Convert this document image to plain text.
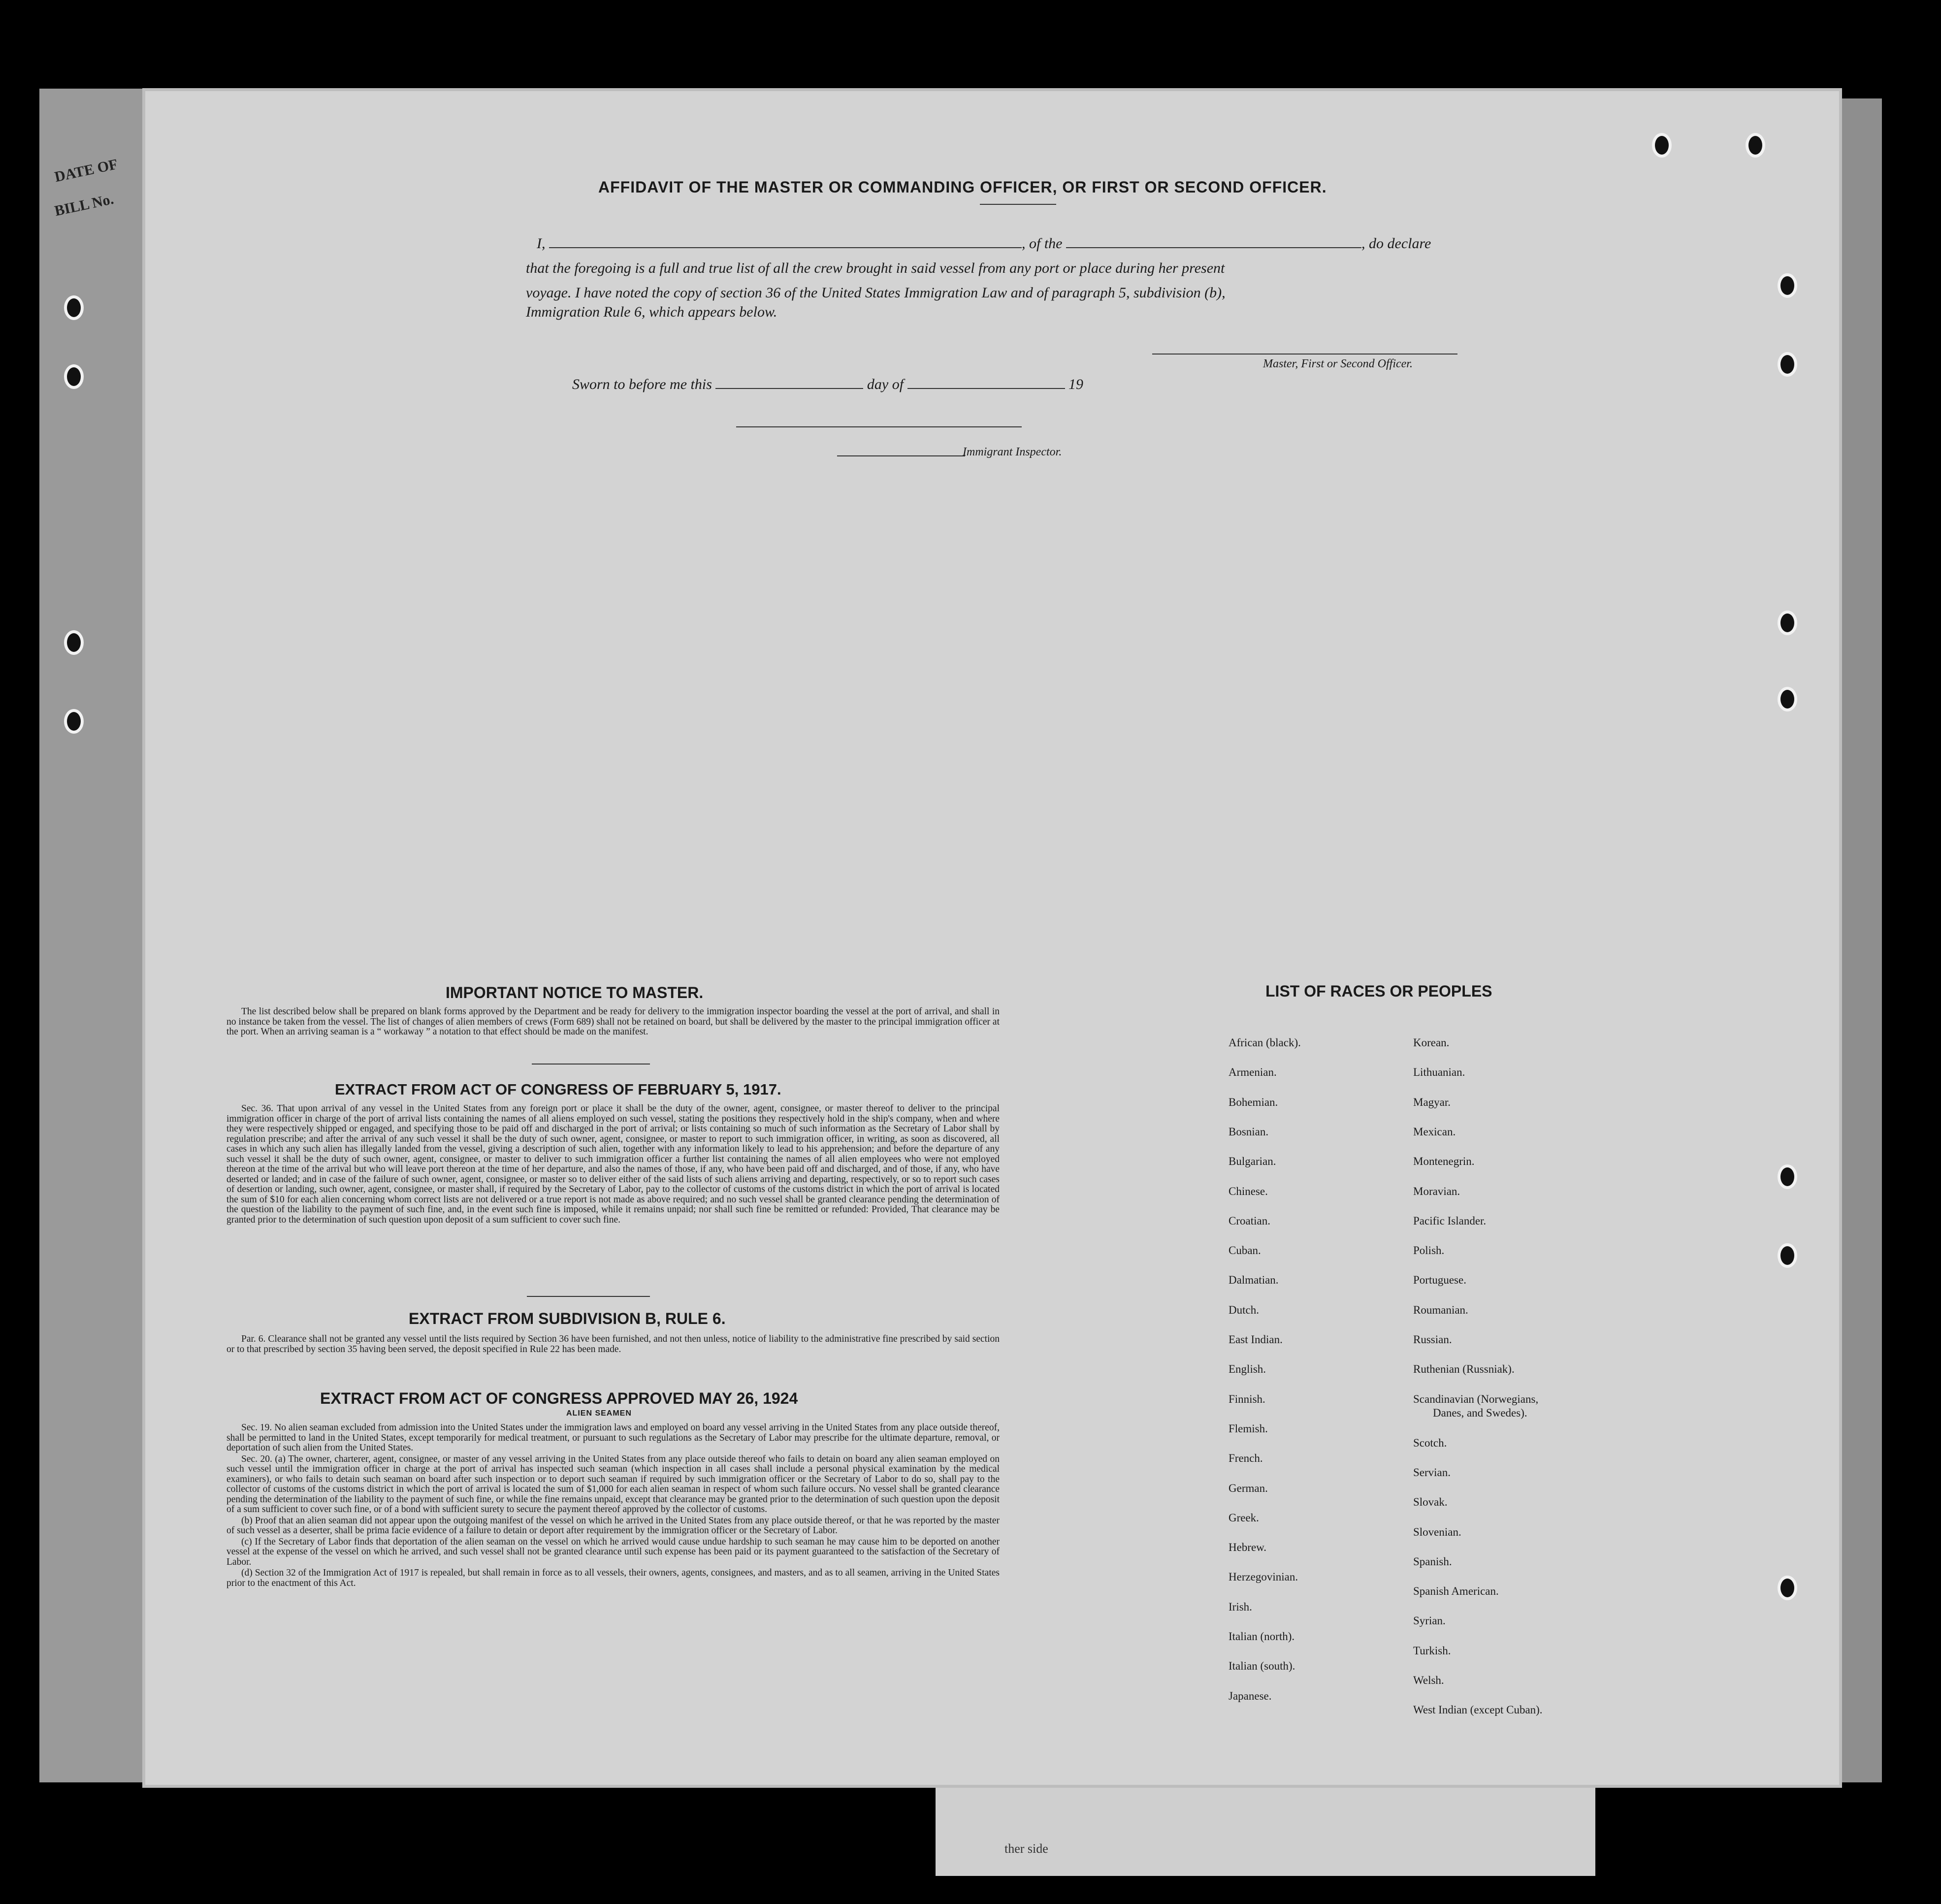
ther side
DATE OF
BILL No.
AFFIDAVIT OF THE MASTER OR COMMANDING OFFICER, OR FIRST OR SECOND OFFICER.
I,	, of the	, do declare
that the foregoing is a full and true list of all the crew brought in said vessel from any port or place during her present
voyage. I have noted the copy of section 36 of the United States Immigration Law and of paragraph 5, subdivision (b),
Immigration Rule 6, which appears below.
Master, First or Second Officer.
Sworn to before me this	day of	19
Immigrant Inspector.
IMPORTANT NOTICE TO MASTER.

The list described below shall be prepared on blank forms approved by the Department and be ready for delivery to the immigration inspector boarding the vessel at the port of arrival, and shall in no instance be taken from the vessel. The list of changes of alien members of crews (Form 689) shall not be retained on board, but shall be delivered by the master to the principal immigration officer at the port. When an arriving seaman is a “ workaway ” a notation to that effect should be made on the manifest.

EXTRACT FROM ACT OF CONGRESS OF FEBRUARY 5, 1917.

Sec. 36. That upon arrival of any vessel in the United States from any foreign port or place it shall be the duty of the owner, agent, consignee, or master thereof to deliver to the principal immigration officer in charge of the port of arrival lists containing the names of all aliens employed on such vessel, stating the positions they respectively hold in the ship's company, when and where they were respectively shipped or engaged, and specifying those to be paid off and discharged in the port of arrival; or lists containing so much of such information as the Secretary of Labor shall by regulation prescribe; and after the arrival of any such vessel it shall be the duty of such owner, agent, consignee, or master to report to such immigration officer, in writing, as soon as discovered, all cases in which any such alien has illegally landed from the vessel, giving a description of such alien, together with any information likely to lead to his apprehension; and before the departure of any such vessel it shall be the duty of such owner, agent, consignee, or master to deliver to such immigration officer a further list containing the names of all alien employees who were not employed thereon at the time of the arrival but who will leave port thereon at the time of her departure, and also the names of those, if any, who have been paid off and discharged, and of those, if any, who have deserted or landed; and in case of the failure of such owner, agent, consignee, or master so to deliver either of the said lists of such aliens arriving and departing, respectively, or so to report such cases of desertion or landing, such owner, agent, consignee, or master shall, if required by the Secretary of Labor, pay to the collector of customs of the customs district in which the port of arrival is located the sum of $10 for each alien concerning whom correct lists are not delivered or a true report is not made as above required; and no such vessel shall be granted clearance pending the determination of the question of the liability to the payment of such fine, and, in the event such fine is imposed, while it remains unpaid; nor shall such fine be remitted or refunded: Provided, That clearance may be granted prior to the determination of such question upon deposit of a sum sufficient to cover such fine.

EXTRACT FROM SUBDIVISION B, RULE 6.

Par. 6. Clearance shall not be granted any vessel until the lists required by Section 36 have been furnished, and not then unless, notice of liability to the administrative fine prescribed by said section or to that prescribed by section 35 having been served, the deposit specified in Rule 22 has been made.

EXTRACT FROM ACT OF CONGRESS APPROVED MAY 26, 1924
ALIEN SEAMEN

Sec. 19. No alien seaman excluded from admission into the United States under the immigration laws and employed on board any vessel arriving in the United States from any place outside thereof, shall be permitted to land in the United States, except temporarily for medical treatment, or pursuant to such regulations as the Secretary of Labor may prescribe for the ultimate departure, removal, or deportation of such alien from the United States.

Sec. 20. (a) The owner, charterer, agent, consignee, or master of any vessel arriving in the United States from any place outside thereof who fails to detain on board any alien seaman employed on such vessel until the immigration officer in charge at the port of arrival has inspected such seaman (which inspection in all cases shall include a personal physical examination by the medical examiners), or who fails to detain such seaman on board after such inspection or to deport such seaman if required by such immigration officer or the Secretary of Labor to do so, shall pay to the collector of customs of the customs district in which the port of arrival is located the sum of $1,000 for each alien seaman in respect of whom such failure occurs. No vessel shall be granted clearance pending the determination of the liability to the payment of such fine, or while the fine remains unpaid, except that clearance may be granted prior to the determination of such question upon the deposit of a sum sufficient to cover such fine, or of a bond with sufficient surety to secure the payment thereof approved by the collector of customs.

(b) Proof that an alien seaman did not appear upon the outgoing manifest of the vessel on which he arrived in the United States from any place outside thereof, or that he was reported by the master of such vessel as a deserter, shall be prima facie evidence of a failure to detain or deport after requirement by the immigration officer or the Secretary of Labor.

(c) If the Secretary of Labor finds that deportation of the alien seaman on the vessel on which he arrived would cause undue hardship to such seaman he may cause him to be deported on another vessel at the expense of the vessel on which he arrived, and such vessel shall not be granted clearance until such expense has been paid or its payment guaranteed to the satisfaction of the Secretary of Labor.

(d) Section 32 of the Immigration Act of 1917 is repealed, but shall remain in force as to all vessels, their owners, agents, consignees, and masters, and as to all seamen, arriving in the United States prior to the enactment of this Act.

LIST OF RACES OR PEOPLES
African (black).
Armenian.
Bohemian.
Bosnian.
Bulgarian.
Chinese.
Croatian.
Cuban.
Dalmatian.
Dutch.
East Indian.
English.
Finnish.
Flemish.
French.
German.
Greek.
Hebrew.
Herzegovinian.
Irish.
Italian (north).
Italian (south).
Japanese.
Korean.
Lithuanian.
Magyar.
Mexican.
Montenegrin.
Moravian.
Pacific Islander.
Polish.
Portuguese.
Roumanian.
Russian.
Ruthenian (Russniak).
Scandinavian (Norwegians,
Danes, and Swedes).
Scotch.
Servian.
Slovak.
Slovenian.
Spanish.
Spanish American.
Syrian.
Turkish.
Welsh.
West Indian (except Cuban).
